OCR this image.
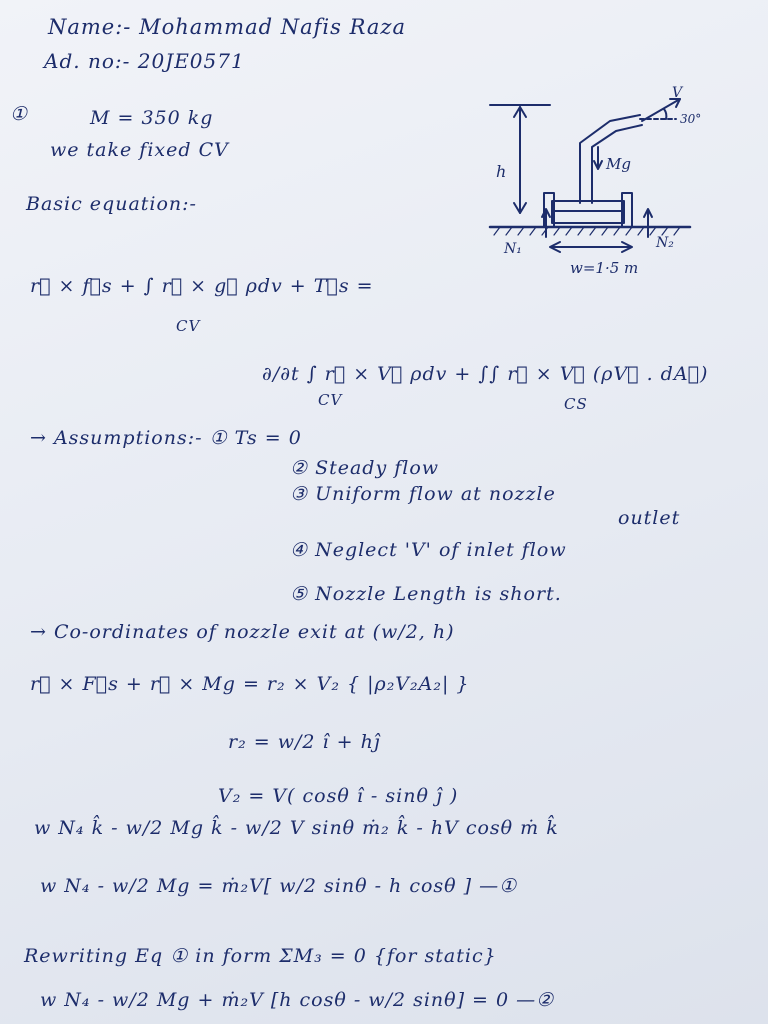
Name:- Mohammad Nafis Raza
Ad. no:- 20JE0571
①	M = 350 kg
we take fixed CV
V
30°
h	Mg
N₁	N₂
w=1·5 m
Basic equation:-
r⃗ × f⃗s + ∫ r⃗ × g⃗ ρdv + T⃗s =
CV
∂/∂t ∫ r⃗ × V⃗ ρdv + ∫∫ r⃗ × V⃗ (ρV⃗ . dA⃗)
CV	CS
→ Assumptions:- ① Ts = 0
② Steady flow
③ Uniform flow at nozzle
outlet
④ Neglect 'V' of inlet flow
⑤ Nozzle Length is short.
→ Co-ordinates of nozzle exit at (w/2, h)
r⃗ × F⃗s + r⃗ × Mg = r₂ × V₂ { |ρ₂V₂A₂| }
r₂ = w/2 î + hĵ
V₂ = V( cosθ î - sinθ ĵ )
w N₄ k̂ - w/2 Mg k̂ - w/2 V sinθ ṁ₂ k̂ - hV cosθ ṁ k̂
w N₄ - w/2 Mg = ṁ₂V[ w/2 sinθ - h cosθ ] —①
Rewriting Eq ① in form ΣM₃ = 0 {for static}
w N₄ - w/2 Mg + ṁ₂V [h cosθ - w/2 sinθ] = 0 —②
